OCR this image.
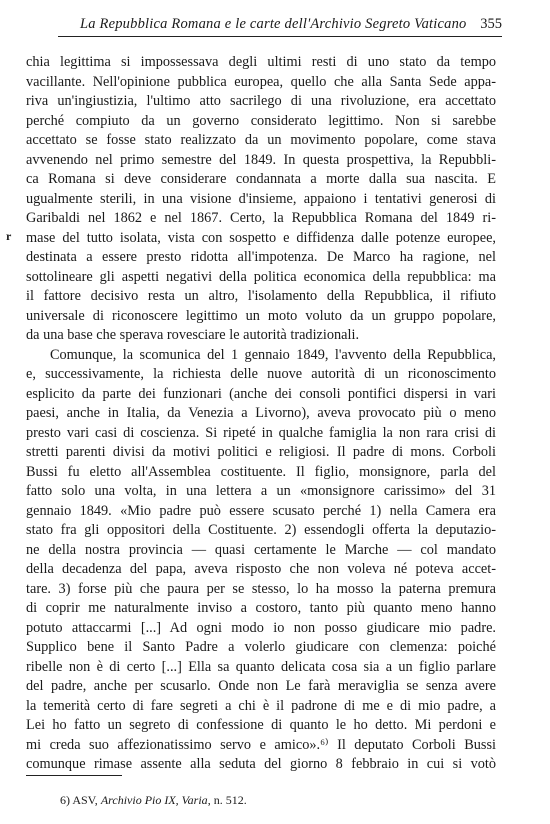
La Repubblica Romana e le carte dell'Archivio Segreto Vaticano 355
r
chia legittima si impossessava degli ultimi resti di uno stato da tempo
vacillante. Nell'opinione pubblica europea, quello che alla Santa Sede appa-
riva un'ingiustizia, l'ultimo atto sacrilego di una rivoluzione, era accettato
perché compiuto da un governo considerato legittimo. Non si sarebbe
accettato se fosse stato realizzato da un movimento popolare, come stava
avvenendo nel primo semestre del 1849. In questa prospettiva, la Repubbli-
ca Romana si deve considerare condannata a morte dalla sua nascita. E
ugualmente sterili, in una visione d'insieme, appaiono i tentativi generosi di
Garibaldi nel 1862 e nel 1867. Certo, la Repubblica Romana del 1849 ri-
mase del tutto isolata, vista con sospetto e diffidenza dalle potenze europee,
destinata a essere presto ridotta all'impotenza. De Marco ha ragione, nel
sottolineare gli aspetti negativi della politica economica della repubblica: ma
il fattore decisivo resta un altro, l'isolamento della Repubblica, il rifiuto
universale di riconoscere legittimo un moto voluto da un gruppo popolare,
da una base che sperava rovesciare le autorità tradizionali.
Comunque, la scomunica del 1 gennaio 1849, l'avvento della Repubblica,
e, successivamente, la richiesta delle nuove autorità di un riconoscimento
esplicito da parte dei funzionari (anche dei consoli pontifici dispersi in vari
paesi, anche in Italia, da Venezia a Livorno), aveva provocato più o meno
presto vari casi di coscienza. Si ripeté in qualche famiglia la non rara crisi di
stretti parenti divisi da motivi politici e religiosi. Il padre di mons. Corboli
Bussi fu eletto all'Assemblea costituente. Il figlio, monsignore, parla del
fatto solo una volta, in una lettera a un «monsignore carissimo» del 31
gennaio 1849. «Mio padre può essere scusato perché 1) nella Camera era
stato fra gli oppositori della Costituente. 2) essendogli offerta la deputazio-
ne della nostra provincia — quasi certamente le Marche — col mandato
della decadenza del papa, aveva risposto che non voleva né poteva accet-
tare. 3) forse più che paura per se stesso, lo ha mosso la paterna premura
di coprir me naturalmente inviso a costoro, tanto più quanto meno hanno
potuto attaccarmi [...] Ad ogni modo io non posso giudicare mio padre.
Supplico bene il Santo Padre a volerlo giudicare con clemenza: poiché
ribelle non è di certo [...] Ella sa quanto delicata cosa sia a un figlio parlare
del padre, anche per scusarlo. Onde non Le farà meraviglia se senza avere
la temerità certo di fare segreti a chi è il padrone di me e di mio padre, a
Lei ho fatto un segreto di confessione di quanto le ho detto. Mi perdoni e
mi creda suo affezionatissimo servo e amico».⁶⁾ Il deputato Corboli Bussi
comunque rimase assente alla seduta del giorno 8 febbraio in cui si votò
6) ASV, Archivio Pio IX, Varia, n. 512.
